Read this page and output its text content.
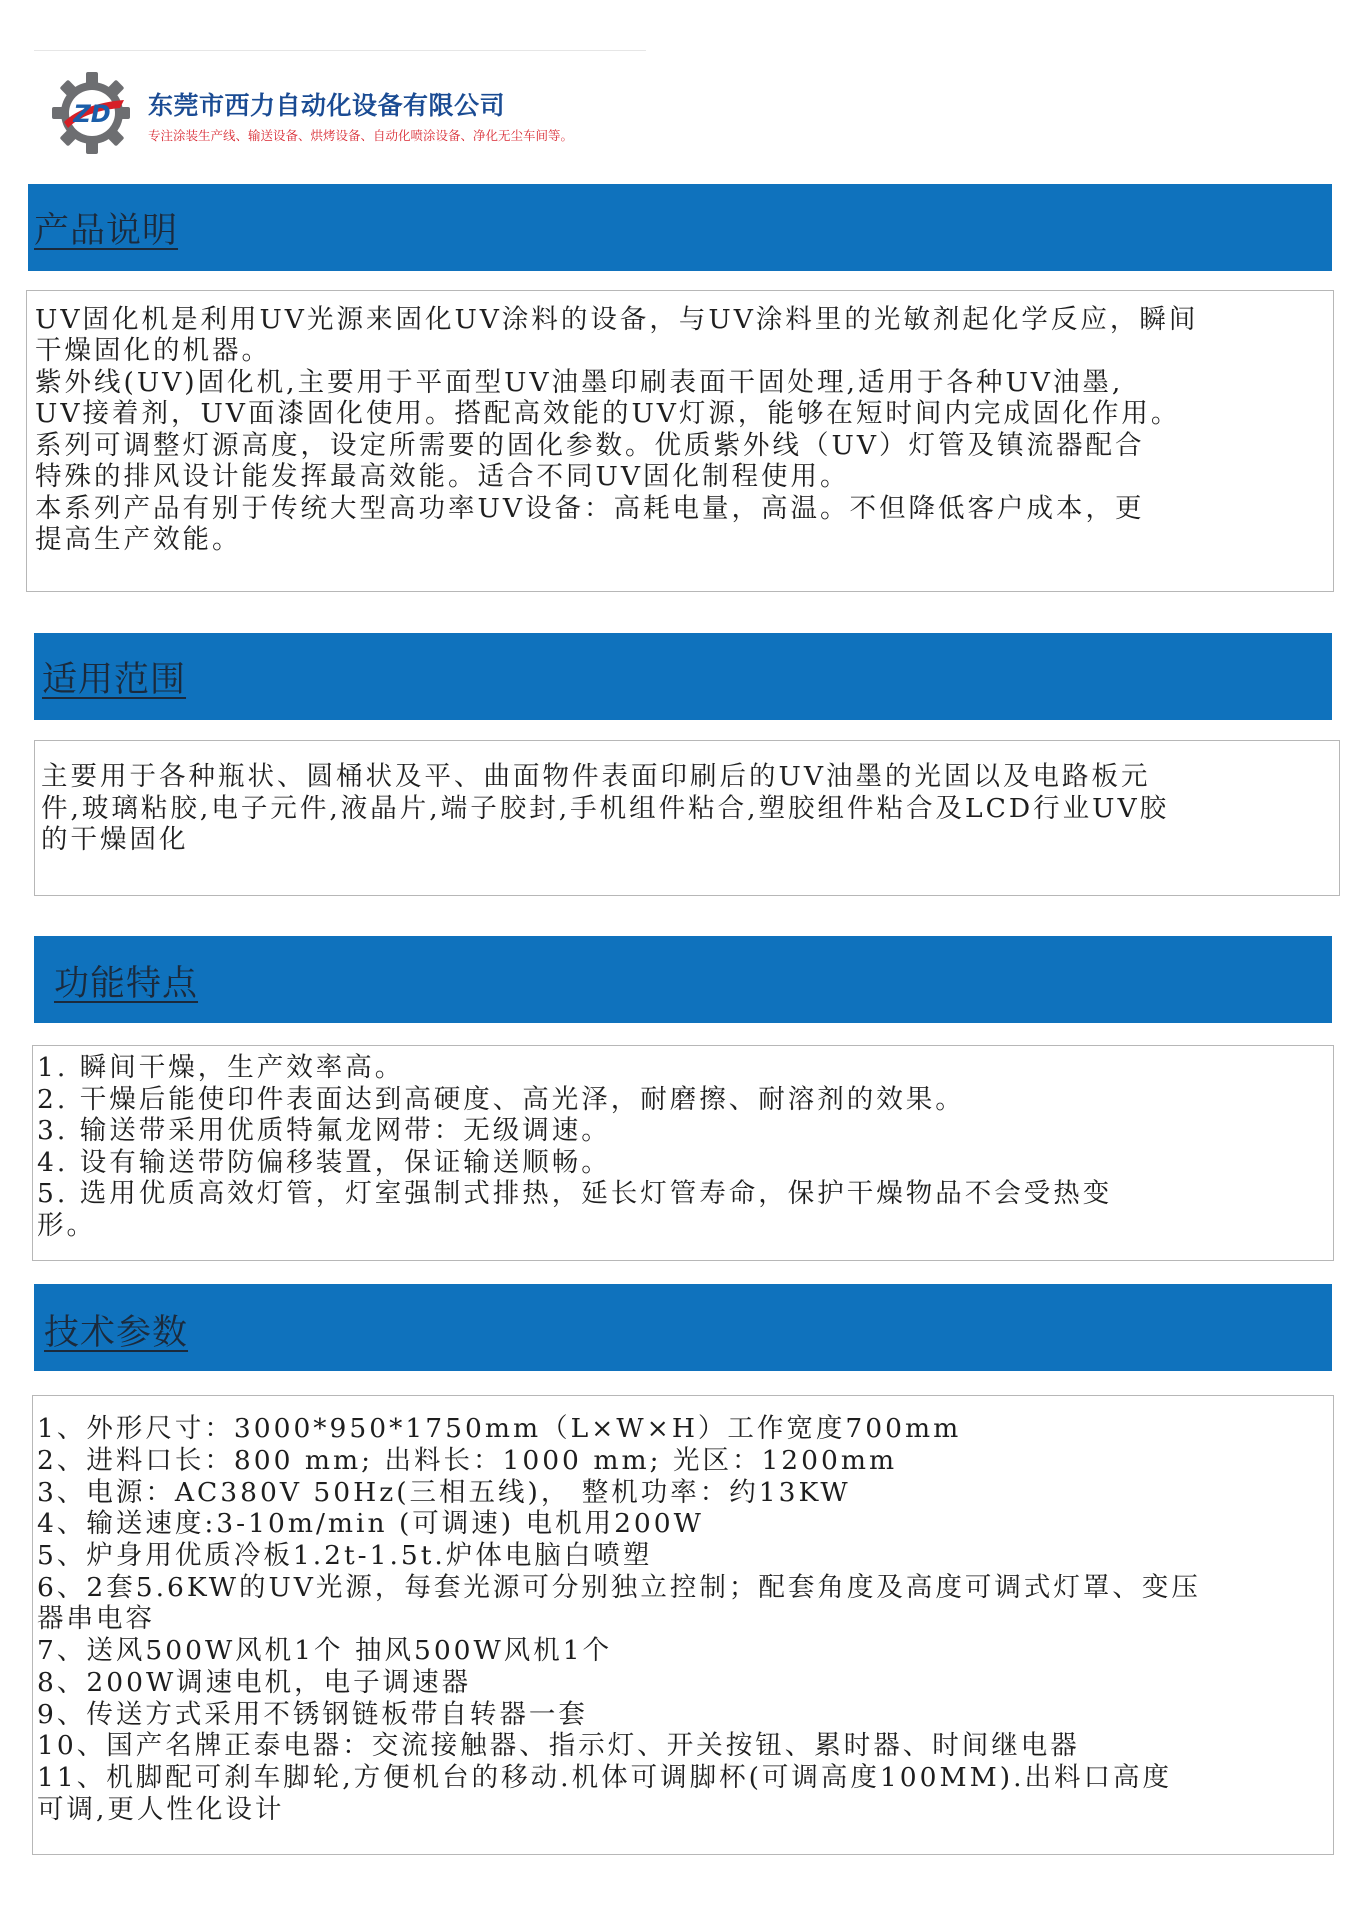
ZD 东莞市西力自动化设备有限公司
专注涂装生产线、输送设备、烘烤设备、自动化喷涂设备、净化无尘车间等。
产品说明

UV固化机是利用UV光源来固化UV涂料的设备，与UV涂料里的光敏剂起化学反应，瞬间

干燥固化的机器。

紫外线(UV)固化机,主要用于平面型UV油墨印刷表面干固处理,适用于各种UV油墨,

UV接着剂，UV面漆固化使用。搭配高效能的UV灯源，能够在短时间内完成固化作用。

系列可调整灯源高度，设定所需要的固化参数。优质紫外线（UV）灯管及镇流器配合

特殊的排风设计能发挥最高效能。适合不同UV固化制程使用。

本系列产品有别于传统大型高功率UV设备：高耗电量，高温。不但降低客户成本，更

提高生产效能。

适用范围

主要用于各种瓶状、圆桶状及平、曲面物件表面印刷后的UV油墨的光固以及电路板元

件,玻璃粘胶,电子元件,液晶片,端子胶封,手机组件粘合,塑胶组件粘合及LCD行业UV胶

的干燥固化

功能特点

1. 瞬间干燥，生产效率高。

2. 干燥后能使印件表面达到高硬度、高光泽，耐磨擦、耐溶剂的效果。

3. 输送带采用优质特氟龙网带：无级调速。

4. 设有输送带防偏移装置，保证输送顺畅。

5. 选用优质高效灯管，灯室强制式排热，延长灯管寿命，保护干燥物品不会受热变

形。

技术参数

1、外形尺寸：3000*950*1750mm（L×W×H）工作宽度700mm

2、进料口长：800 mm; 出料长：1000 mm; 光区：1200mm

3、电源：AC380V 50Hz(三相五线)， 整机功率：约13KW

4、输送速度:3-10m/min (可调速) 电机用200W

5、炉身用优质冷板1.2t-1.5t.炉体电脑白喷塑

6、2套5.6KW的UV光源，每套光源可分别独立控制；配套角度及高度可调式灯罩、变压

器串电容

7、送风500W风机1个 抽风500W风机1个

8、200W调速电机，电子调速器

9、传送方式采用不锈钢链板带自转器一套

10、国产名牌正泰电器：交流接触器、指示灯、开关按钮、累时器、时间继电器

11、机脚配可刹车脚轮,方便机台的移动.机体可调脚杯(可调高度100MM).出料口高度

可调,更人性化设计
